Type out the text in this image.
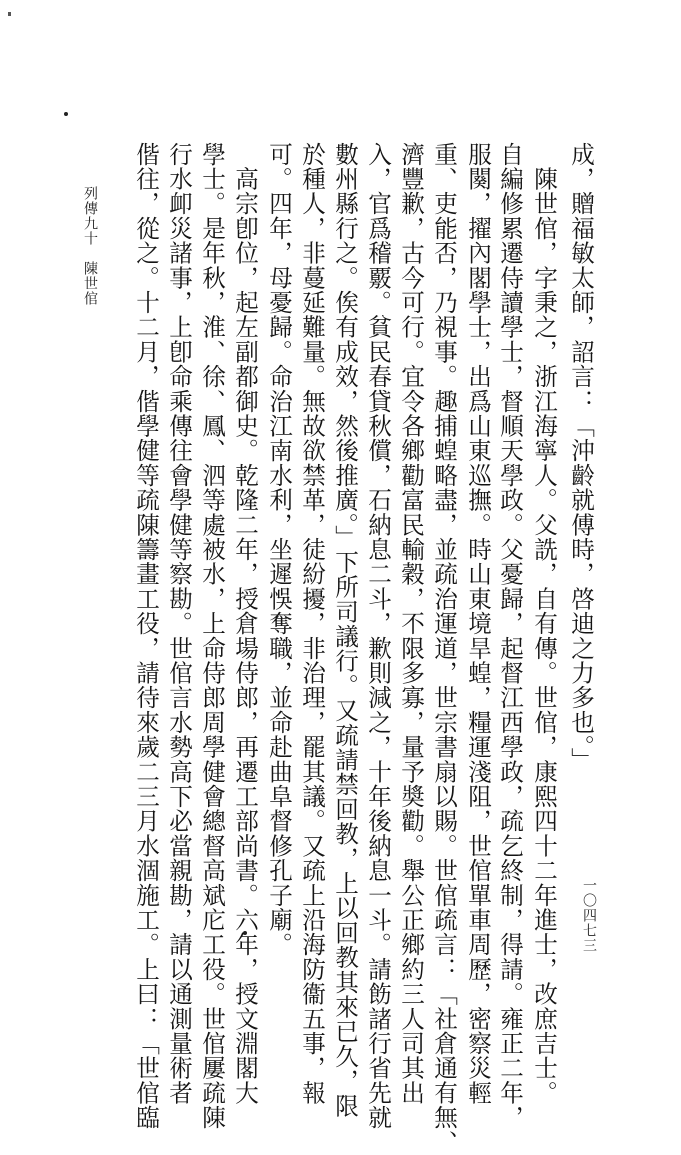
成，贈福敏太師，詔言：「沖齡就傅時，啓迪之力多也。」
　陳世倌，字秉之，浙江海寧人。父詵，自有傳。世倌，康熙四十二年進士，改庶吉士。
自編修累遷侍讀學士，督順天學政。父憂歸，起督江西學政，疏乞終制，得請。雍正二年，
服闋，擢內閣學士，出爲山東巡撫。時山東境旱蝗，糧運淺阻，世倌單車周歷，密察災輕
重、吏能否，乃視事。趣捕蝗略盡，並疏治運道，世宗書扇以賜。世倌疏言：「社倉通有無、
濟豐歉，古今可行。宜令各鄉勸富民輸穀，不限多寡，量予奬勸。舉公正鄉約三人司其出
入，官爲稽覈。貧民春貸秋償，石納息二斗，歉則減之，十年後納息一斗。請飭諸行省先就
數州縣行之。俟有成效，然後推廣。」下所司議行。又疏請禁回教，上以回教其來已久，限
於種人，非蔓延難量。無故欲禁革，徒紛擾，非治理，罷其議。又疏上沿海防衞五事，報
可。四年，母憂歸。命治江南水利，坐遲悞奪職，並命赴曲阜督修孔子廟。
　高宗卽位，起左副都御史。乾隆二年，授倉場侍郎，再遷工部尚書。六年，授文淵閣大
學士。是年秋，淮、徐、鳳、泗等處被水，上命侍郎周學健會總督高斌庀工役。世倌屢疏陳
行水卹災諸事，上卽命乘傳往會學健等察勘。世倌言水勢高下必當親勘，請以通測量術者
偕往，從之。十二月，偕學健等疏陳籌畫工役，請待來歲二三月水涸施工。上曰：「世倌臨
列傳九十　陳世倌
一〇四七三
